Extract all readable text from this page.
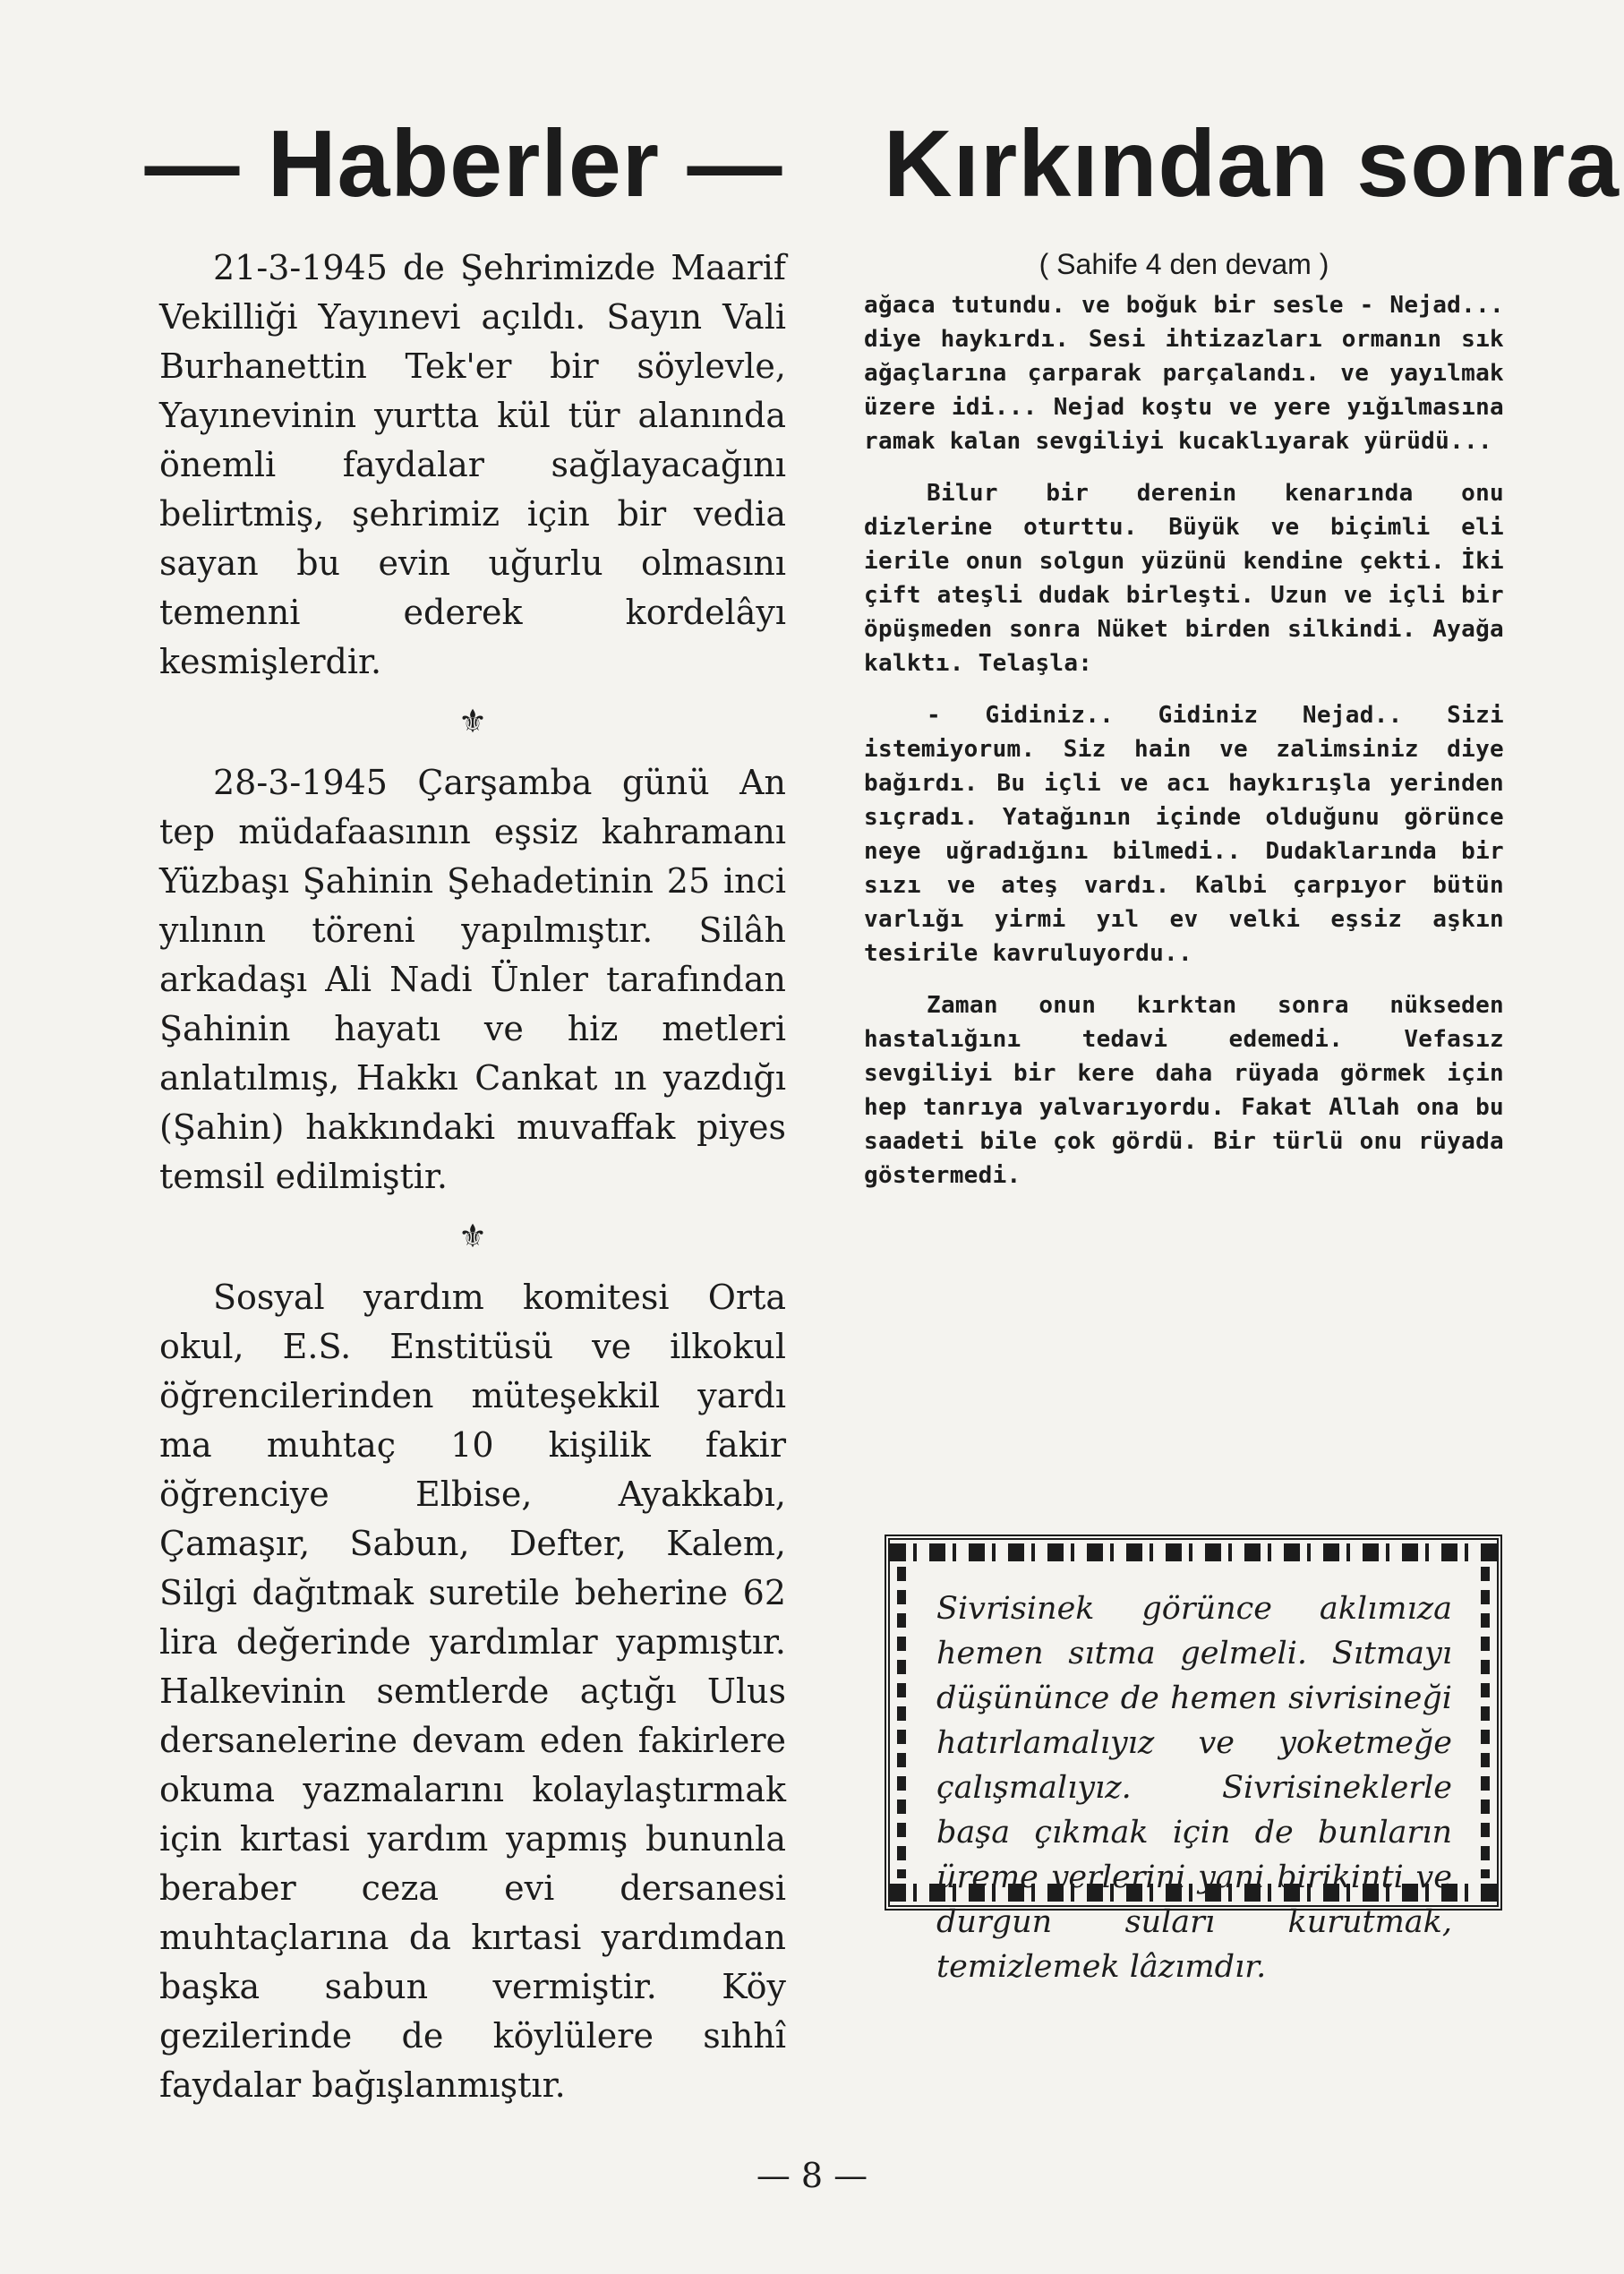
— Haberler —

21-3-1945 de Şehrimizde Maarif Vekilliği Yayınevi açıldı. Sayın Vali Burhanettin Tek'er bir söylevle, Yayınevinin yurtta kül tür alanında önemli faydalar sağlayacağını belirtmiş, şehrimiz için bir vedia sayan bu evin uğurlu olmasını temenni ederek kordelâyı kesmişlerdir.

⚜

28-3-1945 Çarşamba günü An tep müdafaasının eşsiz kahramanı Yüzbaşı Şahinin Şehadetinin 25 inci yılının töreni yapılmıştır. Silâh arkadaşı Ali Nadi Ünler tarafından Şahinin hayatı ve hiz metleri anlatılmış, Hakkı Cankat ın yazdığı (Şahin) hakkındaki muvaffak piyes temsil edilmiştir.

⚜

Sosyal yardım komitesi Orta okul, E.S. Enstitüsü ve ilkokul öğrencilerinden müteşekkil yardı ma muhtaç 10 kişilik fakir öğrenciye Elbise, Ayakkabı, Çamaşır, Sabun, Defter, Kalem, Silgi dağıtmak suretile beherine 62 lira değerinde yardımlar yapmıştır. Halkevinin semtlerde açtığı Ulus dersanelerine devam eden fakirlere okuma yazmalarını kolaylaştırmak için kırtasi yardım yapmış bununla beraber ceza evi dersanesi muhtaçlarına da kırtasi yardımdan başka sabun vermiştir. Köy gezilerinde de köylülere sıhhî faydalar bağışlanmıştır.

Kırkından sonra

( Sahife 4 den devam )

ağaca tutundu. ve boğuk bir sesle - Nejad... diye haykırdı. Sesi ihtizazları ormanın sık ağaçlarına çarparak parçalandı. ve yayılmak üzere idi... Nejad koştu ve yere yığılmasına ramak kalan sevgiliyi kucaklıyarak yürüdü...

Bilur bir derenin kenarında onu dizlerine oturttu. Büyük ve biçimli eli ierile onun solgun yüzünü kendine çekti. İki çift ateşli dudak birleşti. Uzun ve içli bir öpüşmeden sonra Nüket birden silkindi. Ayağa kalktı. Telaşla:

- Gidiniz.. Gidiniz Nejad.. Sizi istemiyorum. Siz hain ve zalimsiniz diye bağırdı. Bu içli ve acı haykırışla yerinden sıçradı. Yatağının içinde olduğunu görünce neye uğradığını bilmedi.. Dudaklarında bir sızı ve ateş vardı. Kalbi çarpıyor bütün varlığı yirmi yıl ev velki eşsiz aşkın tesirile kavruluyordu..

Zaman onun kırktan sonra nüksеden hastalığını tedavi edemedi. Vefasız sevgiliyi bir kere daha rüyada görmek için hep tanrıya yalvarıyordu. Fakat Allah ona bu saadeti bile çok gördü. Bir türlü onu rüyada göstermedi.

Sivrisinek görünce aklımıza hemen sıtma gelmeli. Sıtmayı düşününce de hemen sivrisineği hatırlamalıyız ve yoketmeğe çalışmalıyız. Sivrisineklerle başa çıkmak için de bunların üreme yerlerini yani birikinti ve durgun suları kurutmak, temizlemek lâzımdır.

— 8 —
